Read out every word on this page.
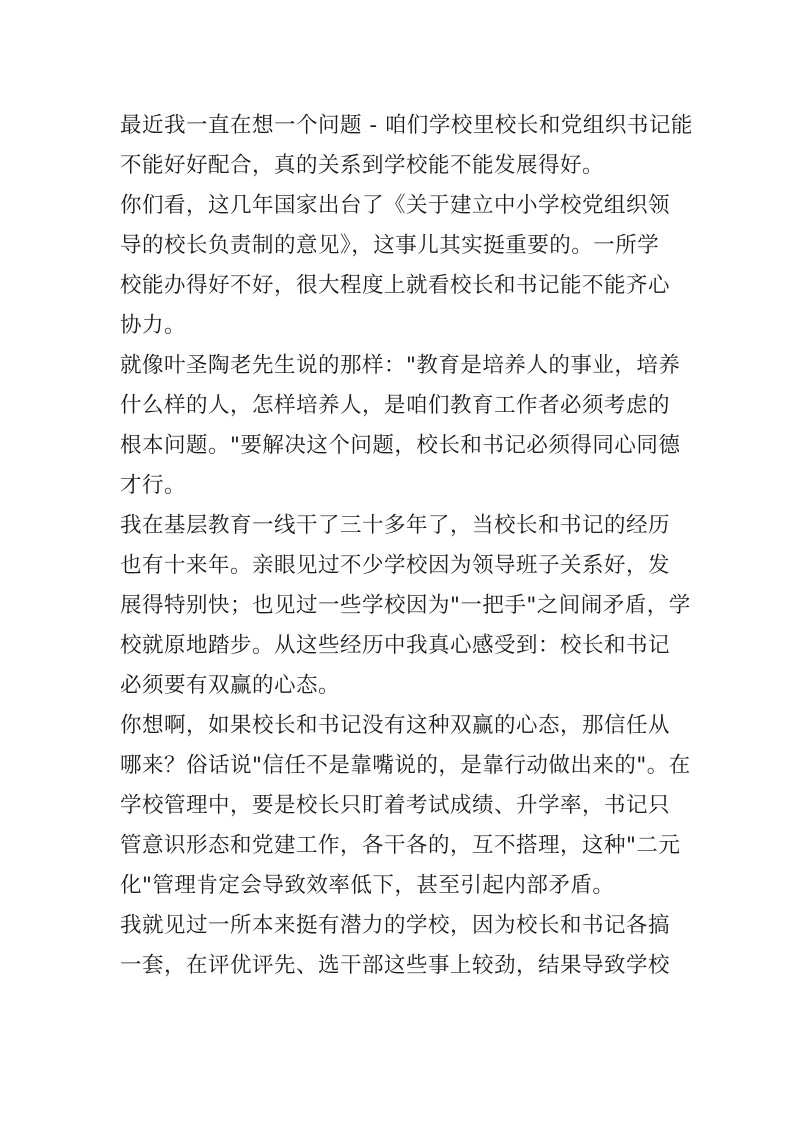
最近我一直在想一个问题 - 咱们学校里校长和党组织书记能
不能好好配合，真的关系到学校能不能发展得好。

你们看，这几年国家出台了《关于建立中小学校党组织领
导的校长负责制的意见》，这事儿其实挺重要的。一所学
校能办得好不好，很大程度上就看校长和书记能不能齐心
协力。

就像叶圣陶老先生说的那样："教育是培养人的事业，培养
什么样的人，怎样培养人，是咱们教育工作者必须考虑的
根本问题。"要解决这个问题，校长和书记必须得同心同德
才行。

我在基层教育一线干了三十多年了，当校长和书记的经历
也有十来年。亲眼见过不少学校因为领导班子关系好，发
展得特别快；也见过一些学校因为"一把手"之间闹矛盾，学
校就原地踏步。从这些经历中我真心感受到：校长和书记
必须要有双赢的心态。

你想啊，如果校长和书记没有这种双赢的心态，那信任从
哪来？俗话说"信任不是靠嘴说的，是靠行动做出来的"。在
学校管理中，要是校长只盯着考试成绩、升学率，书记只
管意识形态和党建工作，各干各的，互不搭理，这种"二元
化"管理肯定会导致效率低下，甚至引起内部矛盾。

我就见过一所本来挺有潜力的学校，因为校长和书记各搞
一套，在评优评先、选干部这些事上较劲，结果导致学校
